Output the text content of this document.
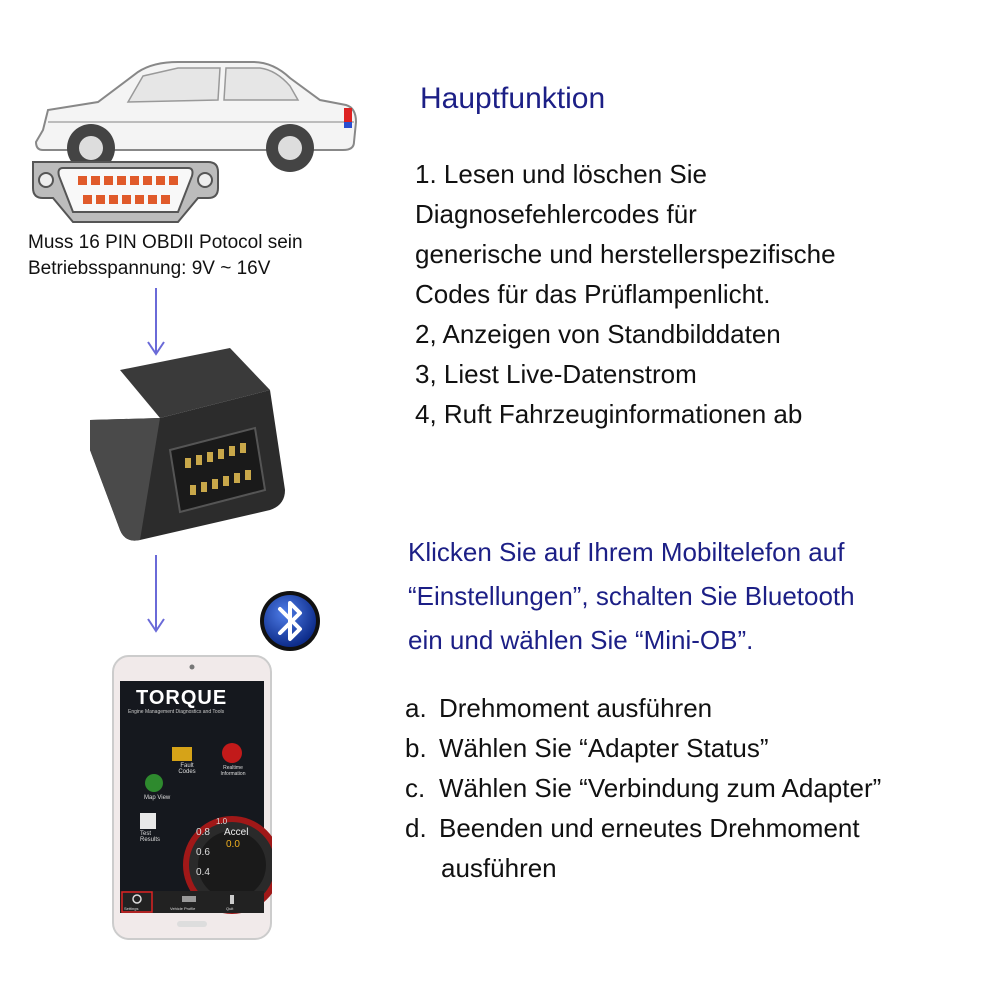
Muss 16 PIN OBDII Potocol sein
Betriebsspannung: 9V ~ 16V
TORQUE
Engine Management Diagnostics and Tools
Fault Codes
Realtime Information
Map View
Test Results
0.8
0.6
0.4
1.0
Accel
0.0
Settings	Vehicle Profile	Quit
Hauptfunktion
1. Lesen und löschen Sie
Diagnosefehlercodes für
generische und herstellerspezifische
Codes für das Prüflampenlicht.
2, Anzeigen von Standbilddaten
3, Liest Live-Datenstrom
4, Ruft Fahrzeuginformationen ab
Klicken Sie auf Ihrem Mobiltelefon auf
“Einstellungen”, schalten Sie Bluetooth
ein und wählen Sie “Mini-OB”.
a. Drehmoment ausführen
b. Wählen Sie “Adapter Status”
c. Wählen Sie “Verbindung zum Adapter”
d. Beenden und erneutes Drehmoment
ausführen
